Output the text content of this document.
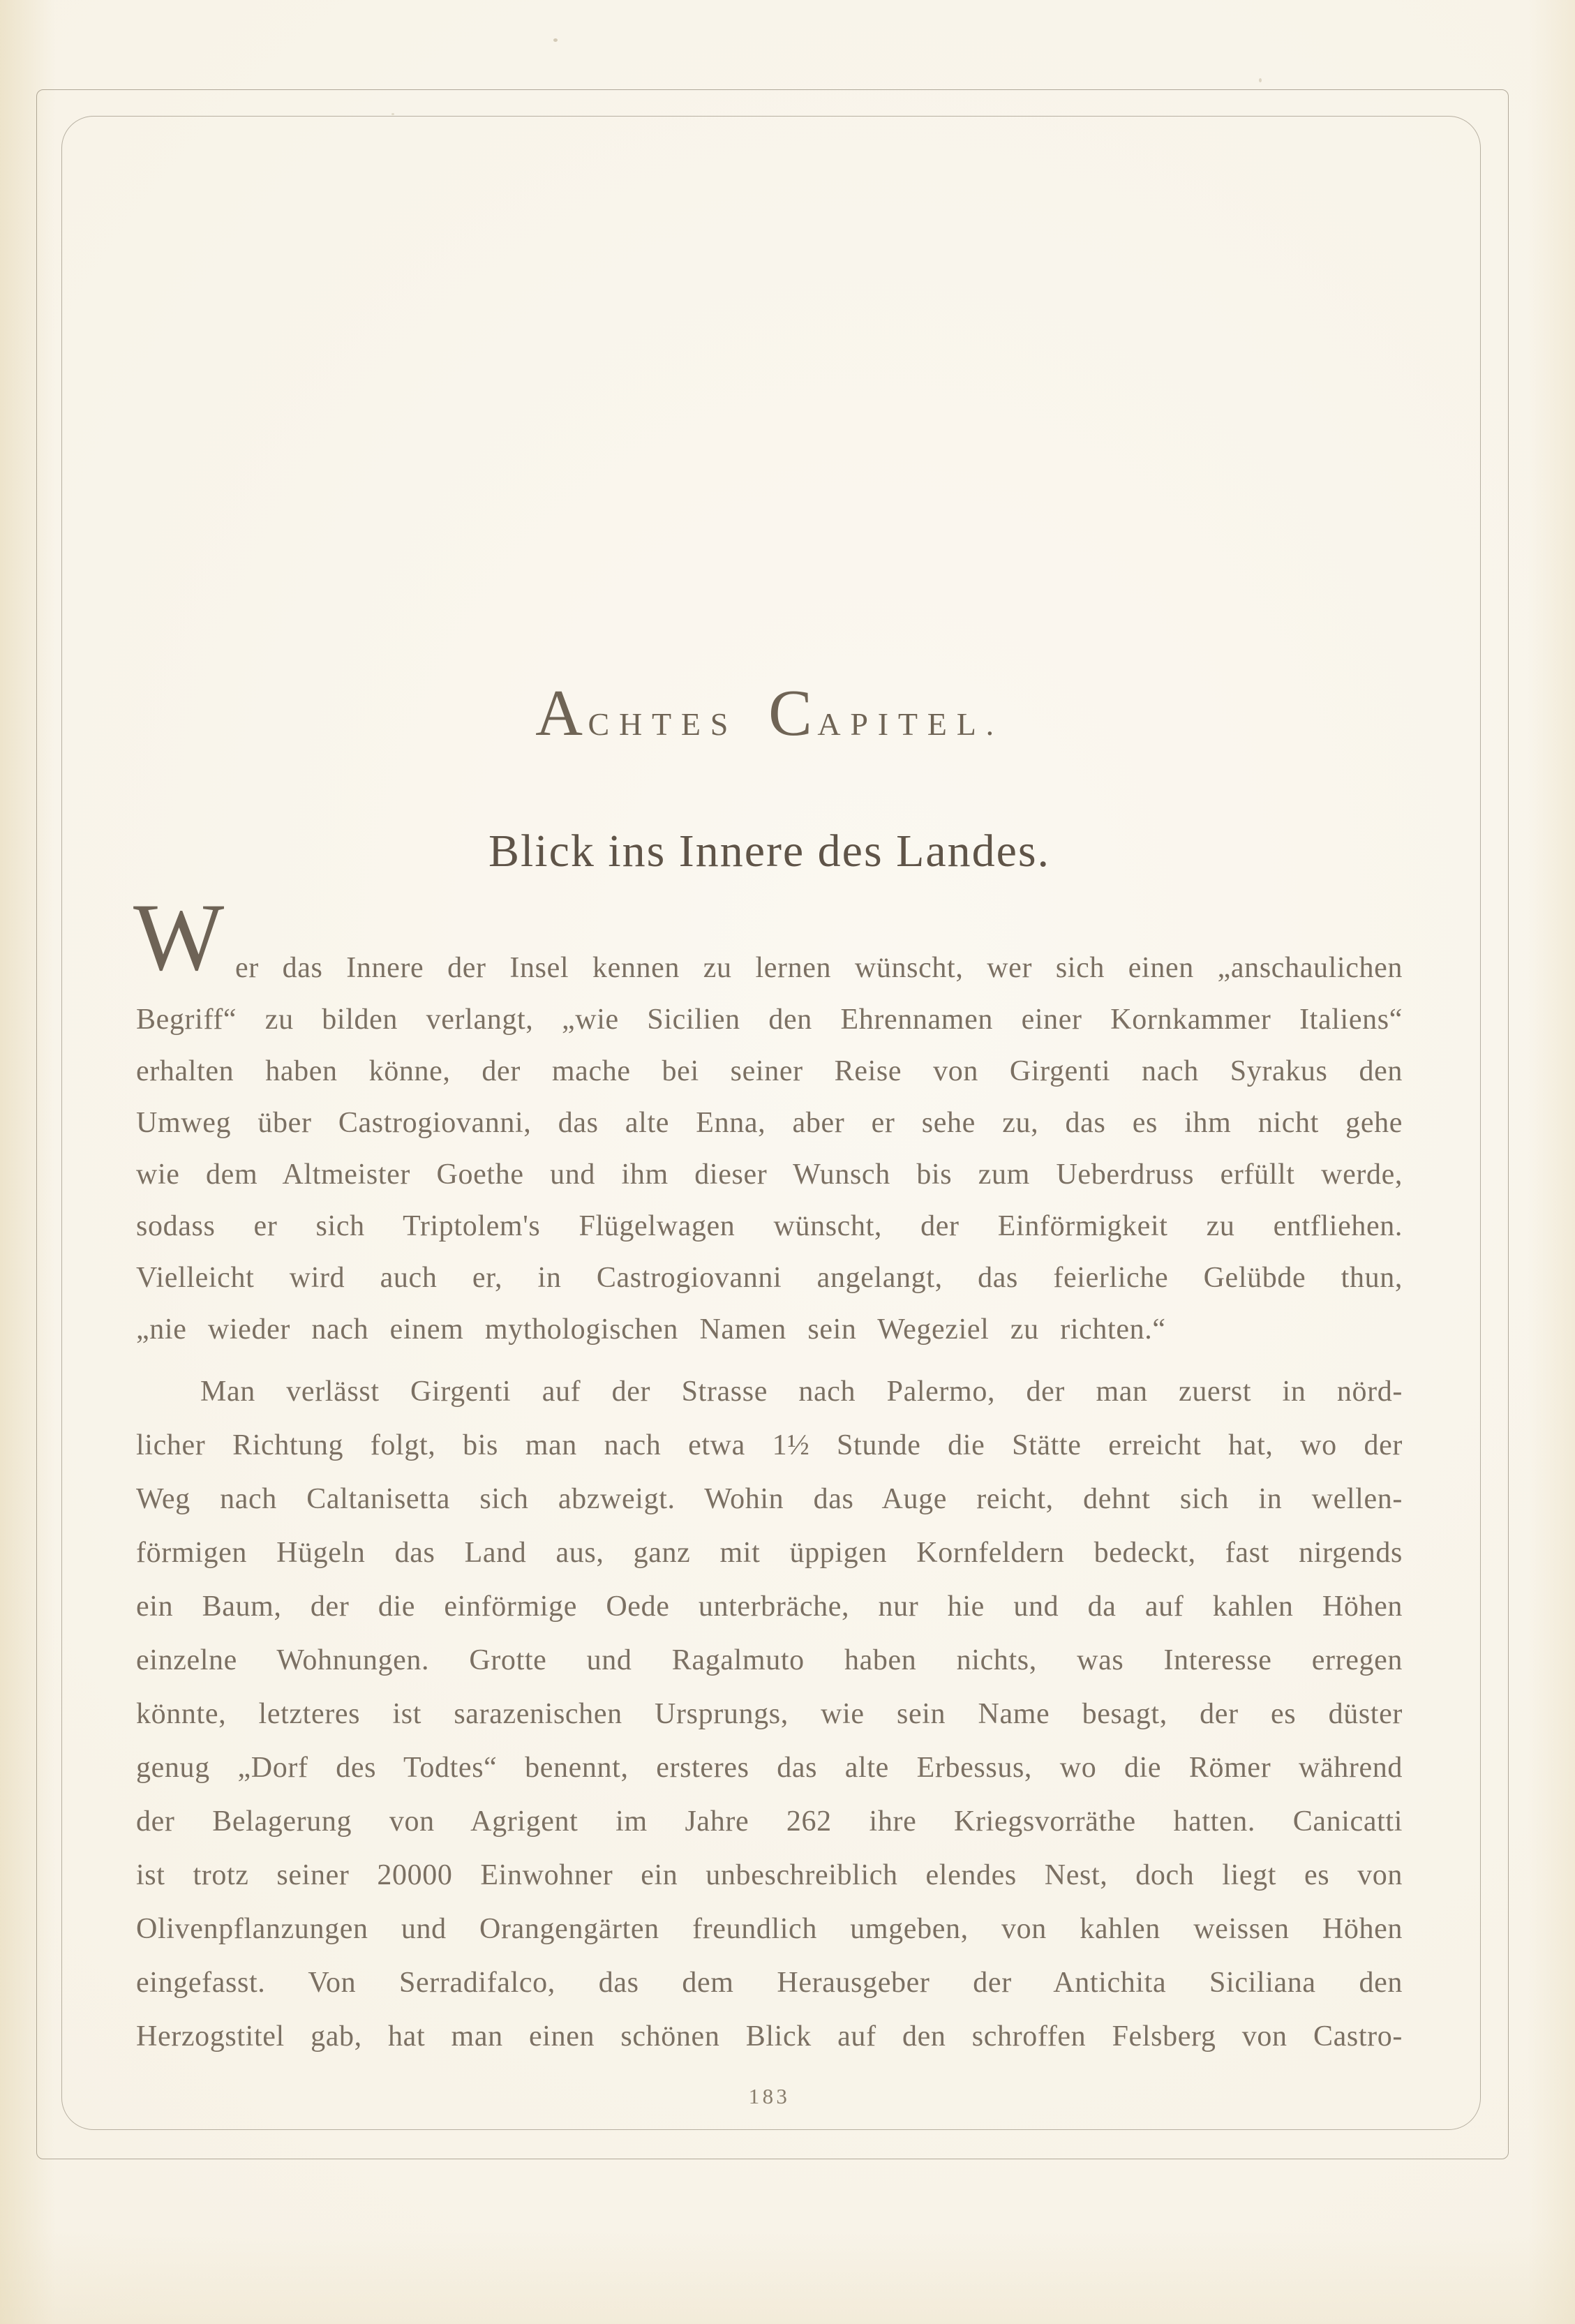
ACHTES CAPITEL.
Blick ins Innere des Landes.
W er das Innere der Insel kennen zu lernen wünscht, wer sich einen „anschaulichen
Begriff“ zu bilden verlangt, „wie Sicilien den Ehrennamen einer Kornkammer Italiens“
erhalten haben könne, der mache bei seiner Reise von Girgenti nach Syrakus den
Umweg über Castrogiovanni, das alte Enna, aber er sehe zu, das es ihm nicht gehe
wie dem Altmeister Goethe und ihm dieser Wunsch bis zum Ueberdruss erfüllt werde,
sodass er sich Triptolem's Flügelwagen wünscht, der Einförmigkeit zu entfliehen.
Vielleicht wird auch er, in Castrogiovanni angelangt, das feierliche Gelübde thun,
„nie wieder nach einem mythologischen Namen sein Wegeziel zu richten.“
Man verlässt Girgenti auf der Strasse nach Palermo, der man zuerst in nörd-
licher Richtung folgt, bis man nach etwa 1½ Stunde die Stätte erreicht hat, wo der
Weg nach Caltanisetta sich abzweigt. Wohin das Auge reicht, dehnt sich in wellen-
förmigen Hügeln das Land aus, ganz mit üppigen Kornfeldern bedeckt, fast nirgends
ein Baum, der die einförmige Oede unterbräche, nur hie und da auf kahlen Höhen
einzelne Wohnungen. Grotte und Ragalmuto haben nichts, was Interesse erregen
könnte, letzteres ist sarazenischen Ursprungs, wie sein Name besagt, der es düster
genug „Dorf des Todtes“ benennt, ersteres das alte Erbessus, wo die Römer während
der Belagerung von Agrigent im Jahre 262 ihre Kriegsvorräthe hatten. Canicatti
ist trotz seiner 20000 Einwohner ein unbeschreiblich elendes Nest, doch liegt es von
Olivenpflanzungen und Orangengärten freundlich umgeben, von kahlen weissen Höhen
eingefasst. Von Serradifalco, das dem Herausgeber der Antichita Siciliana den
Herzogstitel gab, hat man einen schönen Blick auf den schroffen Felsberg von Castro-
183
